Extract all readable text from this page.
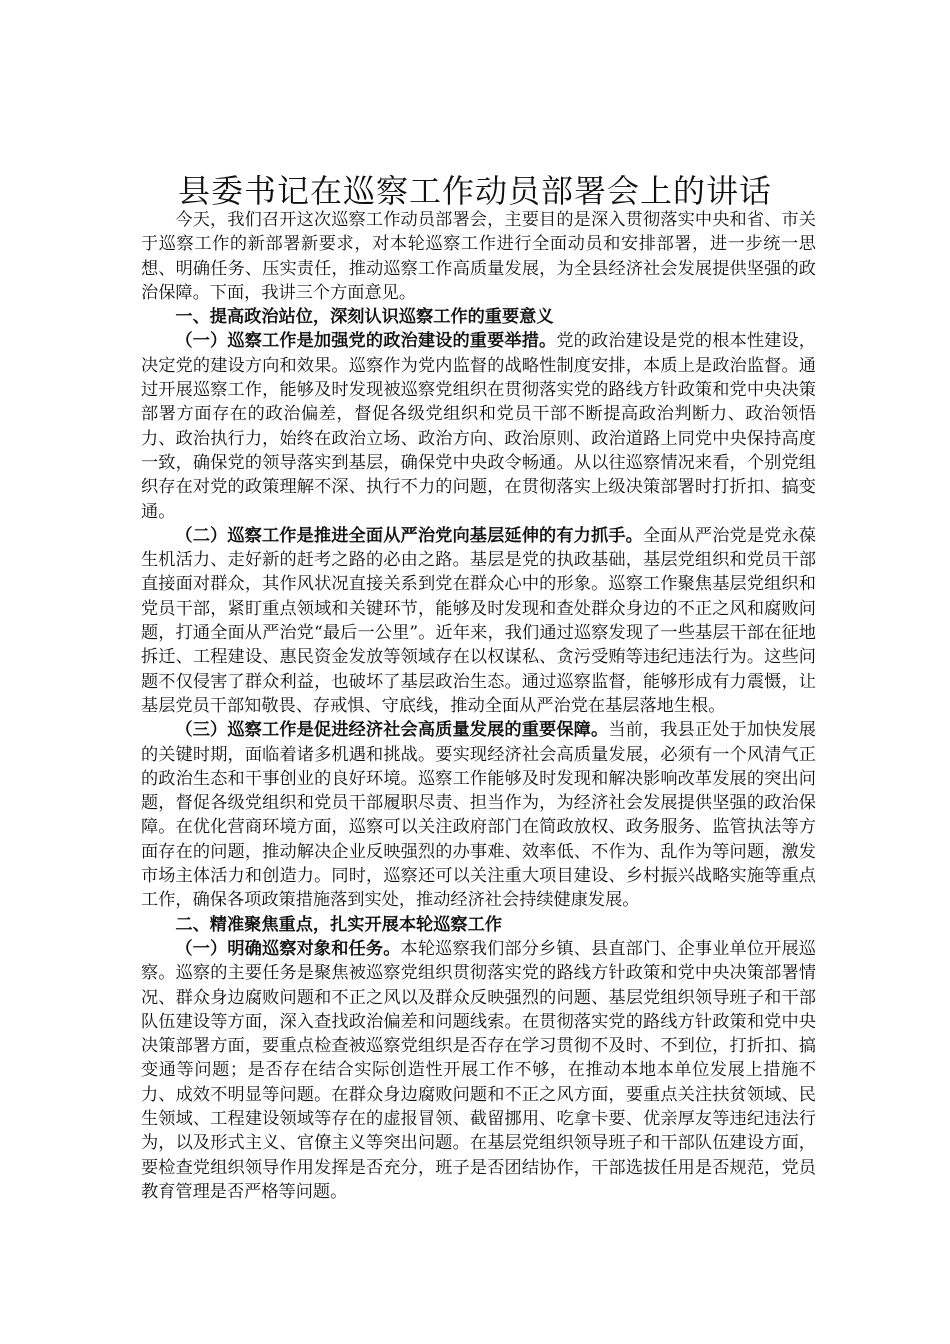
县委书记在巡察工作动员部署会上的讲话

今天，我们召开这次巡察工作动员部署会，主要目的是深入贯彻落实中央和省、市关于巡察工作的新部署新要求，对本轮巡察工作进行全面动员和安排部署，进一步统一思想、明确任务、压实责任，推动巡察工作高质量发展，为全县经济社会发展提供坚强的政治保障。下面，我讲三个方面意见。

一、提高政治站位，深刻认识巡察工作的重要意义

（一）巡察工作是加强党的政治建设的重要举措。党的政治建设是党的根本性建设，决定党的建设方向和效果。巡察作为党内监督的战略性制度安排，本质上是政治监督。通过开展巡察工作，能够及时发现被巡察党组织在贯彻落实党的路线方针政策和党中央决策部署方面存在的政治偏差，督促各级党组织和党员干部不断提高政治判断力、政治领悟力、政治执行力，始终在政治立场、政治方向、政治原则、政治道路上同党中央保持高度一致，确保党的领导落实到基层，确保党中央政令畅通。从以往巡察情况来看，个别党组织存在对党的政策理解不深、执行不力的问题，在贯彻落实上级决策部署时打折扣、搞变通。

（二）巡察工作是推进全面从严治党向基层延伸的有力抓手。全面从严治党是党永葆生机活力、走好新的赶考之路的必由之路。基层是党的执政基础，基层党组织和党员干部直接面对群众，其作风状况直接关系到党在群众心中的形象。巡察工作聚焦基层党组织和党员干部，紧盯重点领域和关键环节，能够及时发现和查处群众身边的不正之风和腐败问题，打通全面从严治党“最后一公里”。近年来，我们通过巡察发现了一些基层干部在征地拆迁、工程建设、惠民资金发放等领域存在以权谋私、贪污受贿等违纪违法行为。这些问题不仅侵害了群众利益，也破坏了基层政治生态。通过巡察监督，能够形成有力震慑，让基层党员干部知敬畏、存戒惧、守底线，推动全面从严治党在基层落地生根。

（三）巡察工作是促进经济社会高质量发展的重要保障。当前，我县正处于加快发展的关键时期，面临着诸多机遇和挑战。要实现经济社会高质量发展，必须有一个风清气正的政治生态和干事创业的良好环境。巡察工作能够及时发现和解决影响改革发展的突出问题，督促各级党组织和党员干部履职尽责、担当作为，为经济社会发展提供坚强的政治保障。在优化营商环境方面，巡察可以关注政府部门在简政放权、政务服务、监管执法等方面存在的问题，推动解决企业反映强烈的办事难、效率低、不作为、乱作为等问题，激发市场主体活力和创造力。同时，巡察还可以关注重大项目建设、乡村振兴战略实施等重点工作，确保各项政策措施落到实处，推动经济社会持续健康发展。

二、精准聚焦重点，扎实开展本轮巡察工作

（一）明确巡察对象和任务。本轮巡察我们部分乡镇、县直部门、企事业单位开展巡察。巡察的主要任务是聚焦被巡察党组织贯彻落实党的路线方针政策和党中央决策部署情况、群众身边腐败问题和不正之风以及群众反映强烈的问题、基层党组织领导班子和干部队伍建设等方面，深入查找政治偏差和问题线索。在贯彻落实党的路线方针政策和党中央决策部署方面，要重点检查被巡察党组织是否存在学习贯彻不及时、不到位，打折扣、搞变通等问题；是否存在结合实际创造性开展工作不够，在推动本地本单位发展上措施不力、成效不明显等问题。在群众身边腐败问题和不正之风方面，要重点关注扶贫领域、民生领域、工程建设领域等存在的虚报冒领、截留挪用、吃拿卡要、优亲厚友等违纪违法行为，以及形式主义、官僚主义等突出问题。在基层党组织领导班子和干部队伍建设方面，要检查党组织领导作用发挥是否充分，班子是否团结协作，干部选拔任用是否规范，党员教育管理是否严格等问题。
